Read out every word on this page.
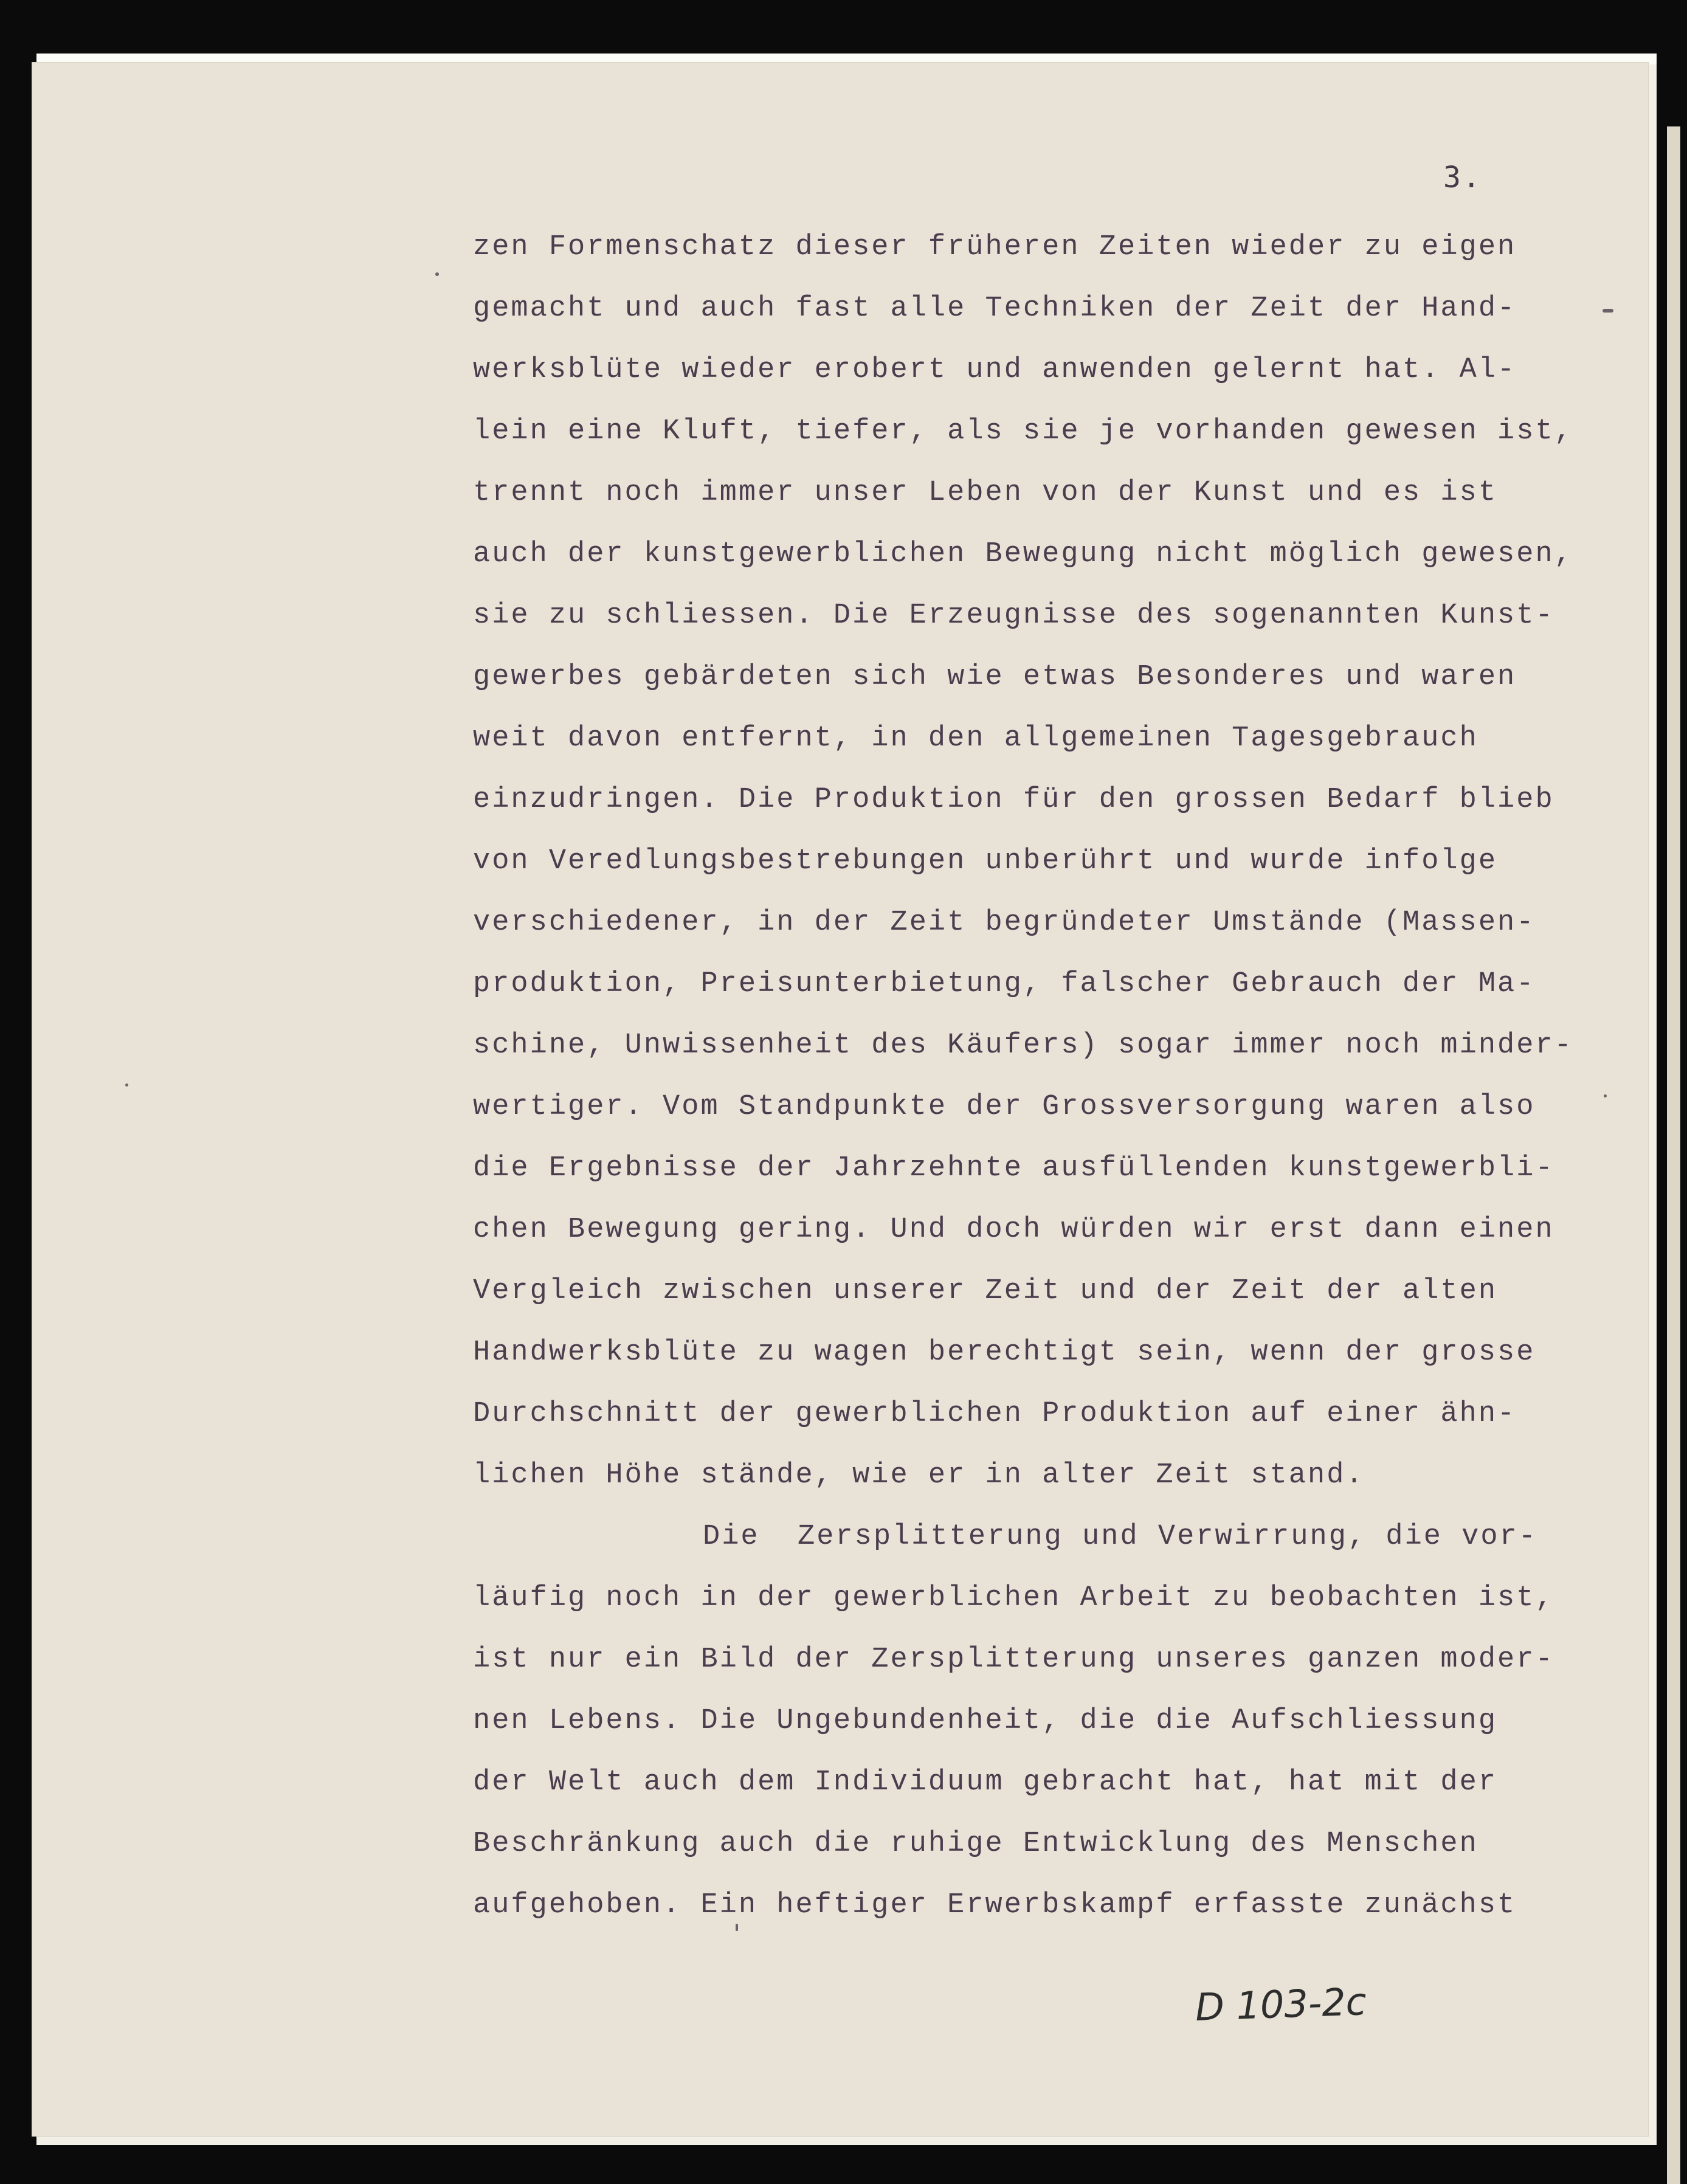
3.
zen Formenschatz dieser früheren Zeiten wieder zu eigen
gemacht und auch fast alle Techniken der Zeit der Hand-
werksblüte wieder erobert und anwenden gelernt hat. Al-
lein eine Kluft, tiefer, als sie je vorhanden gewesen ist,
trennt noch immer unser Leben von der Kunst und es ist
auch der kunstgewerblichen Bewegung nicht möglich gewesen,
sie zu schliessen. Die Erzeugnisse des sogenannten Kunst-
gewerbes gebärdeten sich wie etwas Besonderes und waren
weit davon entfernt, in den allgemeinen Tagesgebrauch
einzudringen. Die Produktion für den grossen Bedarf blieb
von Veredlungsbestrebungen unberührt und wurde infolge
verschiedener, in der Zeit begründeter Umstände (Massen-
produktion, Preisunterbietung, falscher Gebrauch der Ma-
schine, Unwissenheit des Käufers) sogar immer noch minder-
wertiger. Vom Standpunkte der Grossversorgung waren also
die Ergebnisse der Jahrzehnte ausfüllenden kunstgewerbli-
chen Bewegung gering. Und doch würden wir erst dann einen
Vergleich zwischen unserer Zeit und der Zeit der alten
Handwerksblüte zu wagen berechtigt sein, wenn der grosse
Durchschnitt der gewerblichen Produktion auf einer ähn-
lichen Höhe stände, wie er in alter Zeit stand.
Die  Zersplitterung und Verwirrung, die vor-
läufig noch in der gewerblichen Arbeit zu beobachten ist,
ist nur ein Bild der Zersplitterung unseres ganzen moder-
nen Lebens. Die Ungebundenheit, die die Aufschliessung
der Welt auch dem Individuum gebracht hat, hat mit der
Beschränkung auch die ruhige Entwicklung des Menschen
aufgehoben. Ein heftiger Erwerbskampf erfasste zunächst
D 103-2c
